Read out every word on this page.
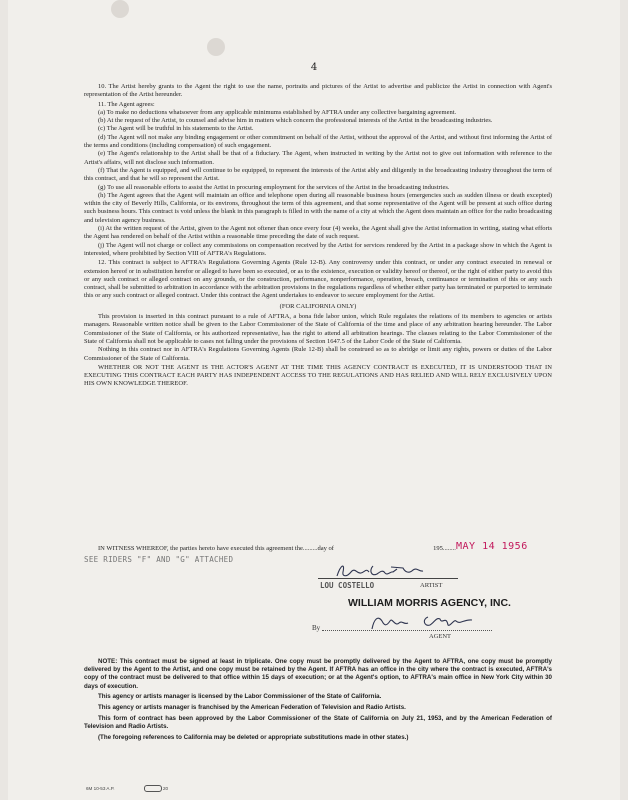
4

10. The Artist hereby grants to the Agent the right to use the name, portraits and pictures of the Artist to advertise and publicize the Artist in connection with Agent's representation of the Artist hereunder.

11. The Agent agrees:

(a) To make no deductions whatsoever from any applicable minimums established by AFTRA under any collective bargaining agreement.

(b) At the request of the Artist, to counsel and advise him in matters which concern the professional interests of the Artist in the broadcasting industries.

(c) The Agent will be truthful in his statements to the Artist.

(d) The Agent will not make any binding engagement or other commitment on behalf of the Artist, without the approval of the Artist, and without first informing the Artist of the terms and conditions (including compensation) of such engagement.

(e) The Agent's relationship to the Artist shall be that of a fiduciary. The Agent, when instructed in writing by the Artist not to give out information with reference to the Artist's affairs, will not disclose such information.

(f) That the Agent is equipped, and will continue to be equipped, to represent the interests of the Artist ably and diligently in the broadcasting industry throughout the term of this contract, and that he will so represent the Artist.

(g) To use all reasonable efforts to assist the Artist in procuring employment for the services of the Artist in the broadcasting industries.

(h) The Agent agrees that the Agent will maintain an office and telephone open during all reasonable business hours (emergencies such as sudden illness or death excepted) within the city of Beverly Hills, California, or its environs, throughout the term of this agreement, and that some representative of the Agent will be present at such office during such business hours. This contract is void unless the blank in this paragraph is filled in with the name of a city at which the Agent does maintain an office for the radio broadcasting and television agency business.

(i) At the written request of the Artist, given to the Agent not oftener than once every four (4) weeks, the Agent shall give the Artist information in writing, stating what efforts the Agent has rendered on behalf of the Artist within a reasonable time preceding the date of such request.

(j) The Agent will not charge or collect any commissions on compensation received by the Artist for services rendered by the Artist in a package show in which the Agent is interested, where prohibited by Section VIII of AFTRA's Regulations.

12. This contract is subject to AFTRA's Regulations Governing Agents (Rule 12-B). Any controversy under this contract, or under any contract executed in renewal or extension hereof or in substitution herefor or alleged to have been so executed, or as to the existence, execution or validity hereof or thereof, or the right of either party to avoid this or any such contract or alleged contract on any grounds, or the construction, performance, nonperformance, operation, breach, continuance or termination of this or any such contract, shall be submitted to arbitration in accordance with the arbitration provisions in the regulations regardless of whether either party has terminated or purported to terminate this or any such contract or alleged contract. Under this contract the Agent undertakes to endeavor to secure employment for the Artist.

(FOR CALIFORNIA ONLY)

This provision is inserted in this contract pursuant to a rule of AFTRA, a bona fide labor union, which Rule regulates the relations of its members to agencies or artists managers. Reasonable written notice shall be given to the Labor Commissioner of the State of California of the time and place of any arbitration hearing hereunder. The Labor Commissioner of the State of California, or his authorized representative, has the right to attend all arbitration hearings. The clauses relating to the Labor Commissioner of the State of California shall not be applicable to cases not falling under the provisions of Section 1647.5 of the Labor Code of the State of California.

Nothing in this contract nor in AFTRA's Regulations Governing Agents (Rule 12-B) shall be construed so as to abridge or limit any rights, powers or duties of the Labor Commissioner of the State of California.

WHETHER OR NOT THE AGENT IS THE ACTOR'S AGENT AT THE TIME THIS AGENCY CONTRACT IS EXECUTED, IT IS UNDERSTOOD THAT IN EXECUTING THIS CONTRACT EACH PARTY HAS INDEPENDENT ACCESS TO THE REGULATIONS AND HAS RELIED AND WILL RELY EXCLUSIVELY UPON HIS OWN KNOWLEDGE THEREOF.

IN WITNESS WHEREOF, the parties hereto have executed this agreement the.........day of	195........ MAY 14 1956
SEE RIDERS "F" AND "G" ATTACHED
LOU COSTELLO	ARTIST
WILLIAM MORRIS AGENCY, INC.
By
AGENT

NOTE: This contract must be signed at least in triplicate. One copy must be promptly delivered by the Agent to AFTRA, one copy must be promptly delivered by the Agent to the Artist, and one copy must be retained by the Agent. If AFTRA has an office in the city where the contract is executed, AFTRA's copy of the contract must be delivered to that office within 15 days of execution; or at the Agent's option, to AFTRA's main office in New York City within 30 days of execution.

This agency or artists manager is licensed by the Labor Commissioner of the State of California.

This agency or artists manager is franchised by the American Federation of Television and Radio Artists.

This form of contract has been approved by the Labor Commissioner of the State of California on July 21, 1953, and by the American Federation of Television and Radio Artists.

(The foregoing references to California may be deleted or appropriate substitutions made in other states.)

6M 10-53 A.P.	20
